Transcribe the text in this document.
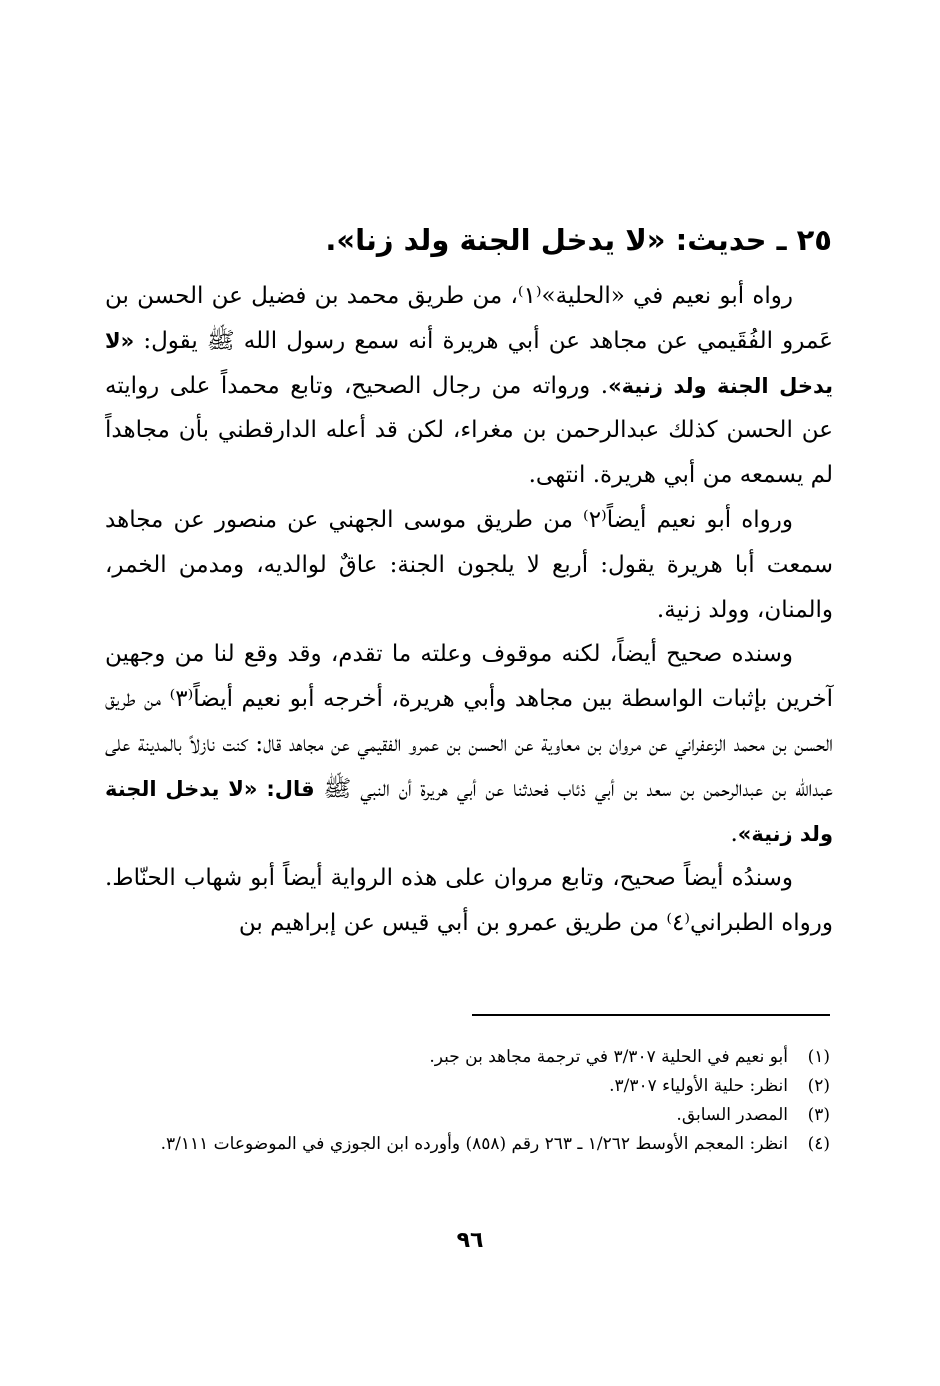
٢٥ ـ حديث: «لا يدخل الجنة ولد زنا».

رواه أبو نعيم في «الحلية»⁽١⁾، من طريق محمد بن فضيل عن الحسن بن عَمرو الفُقَيمي عن مجاهد عن أبي هريرة أنه سمع رسول الله ﷺ يقول: «لا يدخل الجنة ولد زنية». ورواته من رجال الصحيح، وتابع محمداً على روايته عن الحسن كذلك عبدالرحمن بن مغراء، لكن قد أعله الدارقطني بأن مجاهداً لم يسمعه من أبي هريرة. انتهى.

ورواه أبو نعيم أيضاً⁽٢⁾ من طريق موسى الجهني عن منصور عن مجاهد سمعت أبا هريرة يقول: أربع لا يلجون الجنة: عاقٌ لوالديه، ومدمن الخمر، والمنان، وولد زنية.

وسنده صحيح أيضاً، لكنه موقوف وعلته ما تقدم، وقد وقع لنا من وجهين آخرين بإثبات الواسطة بين مجاهد وأبي هريرة، أخرجه أبو نعيم أيضاً⁽٣⁾ من طريق الحسن بن محمد الزعفراني عن مروان بن معاوية عن الحسن بن عمرو الفقيمي عن مجاهد قال: كنت نازلاً بالمدينة على عبدالله بن عبدالرحمن بن سعد بن أبي ذئاب فحدثنا عن أبي هريرة أن النبي ﷺ قال: «لا يدخل الجنة ولد زنية».

وسندُه أيضاً صحيح، وتابع مروان على هذه الرواية أيضاً أبو شهاب الحنّاط. ورواه الطبراني⁽٤⁾ من طريق عمرو بن أبي قيس عن إبراهيم بن

(١)
أبو نعيم في الحلية ٣/٣٠٧ في ترجمة مجاهد بن جبر.
(٢)
انظر: حلية الأولياء ٣/٣٠٧.
(٣)
المصدر السابق.
(٤)
انظر: المعجم الأوسط ١/٢٦٢ ـ ٢٦٣ رقم (٨٥٨) وأورده ابن الجوزي في الموضوعات ٣/١١١.
٩٦
